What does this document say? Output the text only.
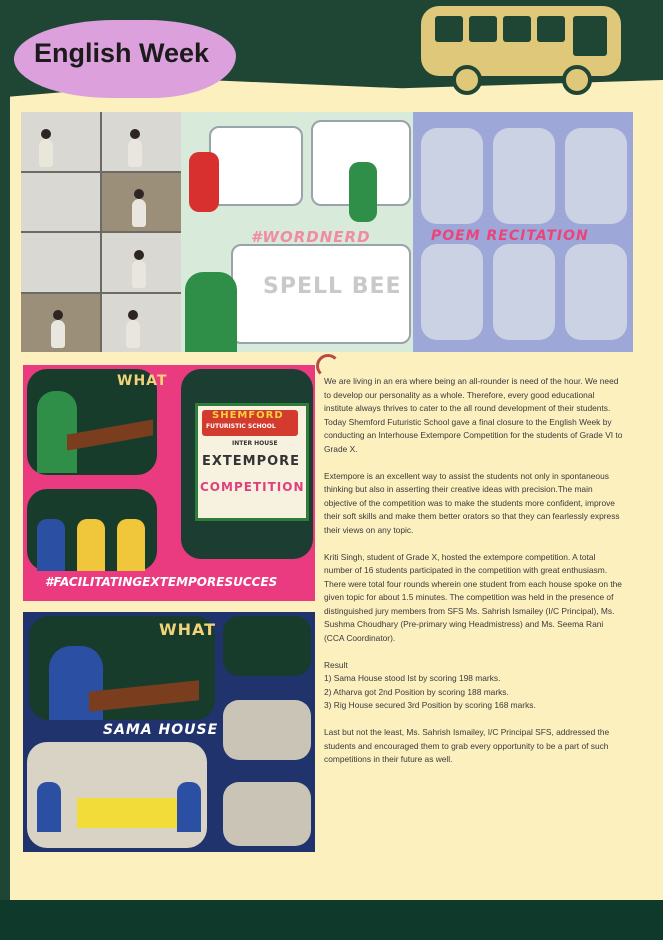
English Week
SPELL BEE
#WORDNERD	POEM RECITATION
WHAT
SHEMFORD
FUTURISTIC SCHOOL
INTER HOUSE
EXTEMPORE
COMPETITION
#FACILITATINGEXTEMPORESUCCES
WHAT
SAMA HOUSE

We are living in an era where being an all-rounder is need of the hour. We need to develop our personality as a whole. Therefore, every good educational institute always thrives to cater to the all round development of their students. Today Shemford Futuristic School gave a final closure to the English Week by conducting an Interhouse Extempore Competition for the students of Grade VI to Grade X.

Extempore is an excellent way to assist the students not only in spontaneous thinking but also in asserting their creative ideas with precision.The main objective of the competition was to make the students more confident, improve their soft skills and make them better orators so that they can fearlessly express their views on any topic.

Kriti Singh, student of Grade X, hosted the extempore competition. A total number of 16 students participated in the competition with great enthusiasm. There were total four rounds wherein one student from each house spoke on the given topic for about 1.5 minutes. The competition was held in the presence of distinguished jury members from SFS Ms. Sahrish Ismailey (I/C Principal), Ms. Sushma Choudhary (Pre-primary wing Headmistress) and Ms. Seema Rani (CCA Coordinator).

Result

1) Sama House stood Ist by scoring 198 marks.

2) Atharva got 2nd Position by scoring 188 marks.

3) Rig House secured 3rd Position by scoring 168 marks.

Last but not the least, Ms. Sahrish Ismailey, I/C Principal SFS, addressed the students and encouraged them to grab every opportunity to be a part of such competitions in their future as well.
